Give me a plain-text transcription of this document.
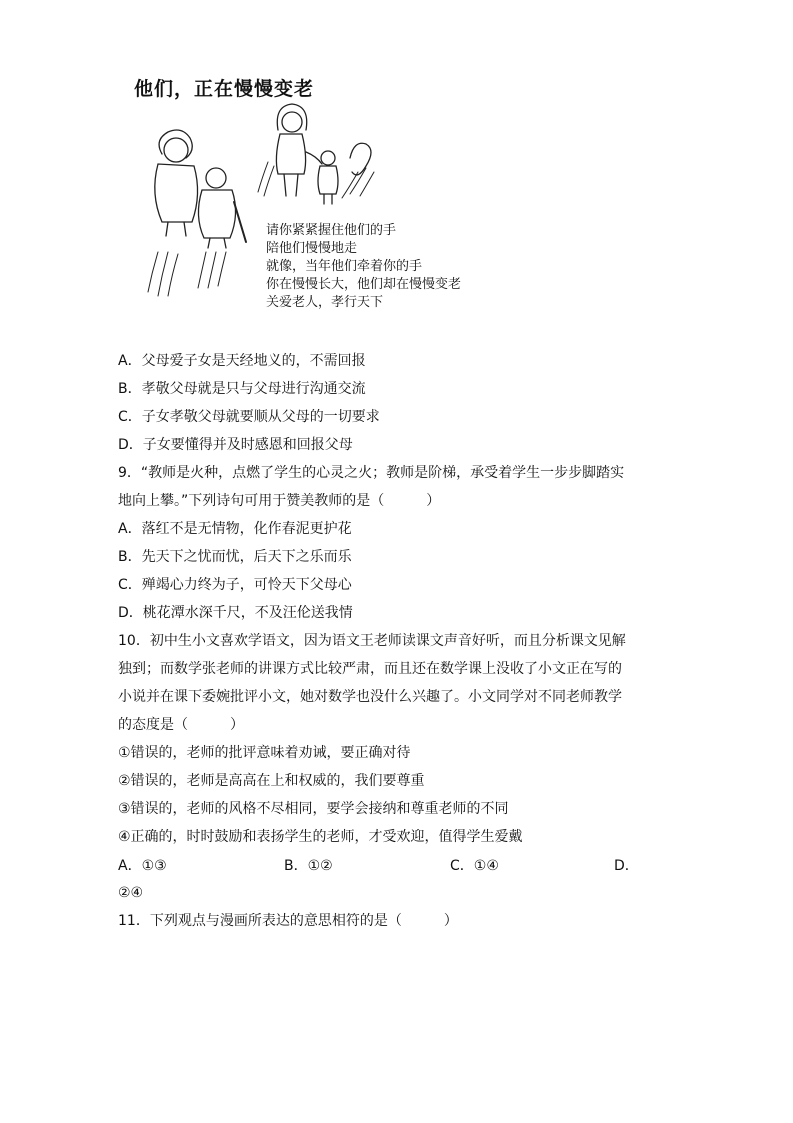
他们，正在慢慢变老
请你紧紧握住他们的手
陪他们慢慢地走
就像，当年他们牵着你的手
你在慢慢长大，他们却在慢慢变老
关爱老人，孝行天下
A．父母爱子女是天经地义的，不需回报
B．孝敬父母就是只与父母进行沟通交流
C．子女孝敬父母就要顺从父母的一切要求
D．子女要懂得并及时感恩和回报父母
9．“教师是火种，点燃了学生的心灵之火；教师是阶梯，承受着学生一步步脚踏实
地向上攀。”下列诗句可用于赞美教师的是（　　　）
A．落红不是无情物，化作春泥更护花
B．先天下之忧而忧，后天下之乐而乐
C．殚竭心力终为子，可怜天下父母心
D．桃花潭水深千尺，不及汪伦送我情
10．初中生小文喜欢学语文，因为语文王老师读课文声音好听，而且分析课文见解
独到；而数学张老师的讲课方式比较严肃，而且还在数学课上没收了小文正在写的
小说并在课下委婉批评小文，她对数学也没什么兴趣了。小文同学对不同老师教学
的态度是（　　　）
①错误的，老师的批评意味着劝诫，要正确对待
②错误的，老师是高高在上和权威的，我们要尊重
③错误的，老师的风格不尽相同，要学会接纳和尊重老师的不同
④正确的，时时鼓励和表扬学生的老师，才受欢迎，值得学生爱戴
A．①③	B．①②	C．①④	D．
②④
11．下列观点与漫画所表达的意思相符的是（　　　）
